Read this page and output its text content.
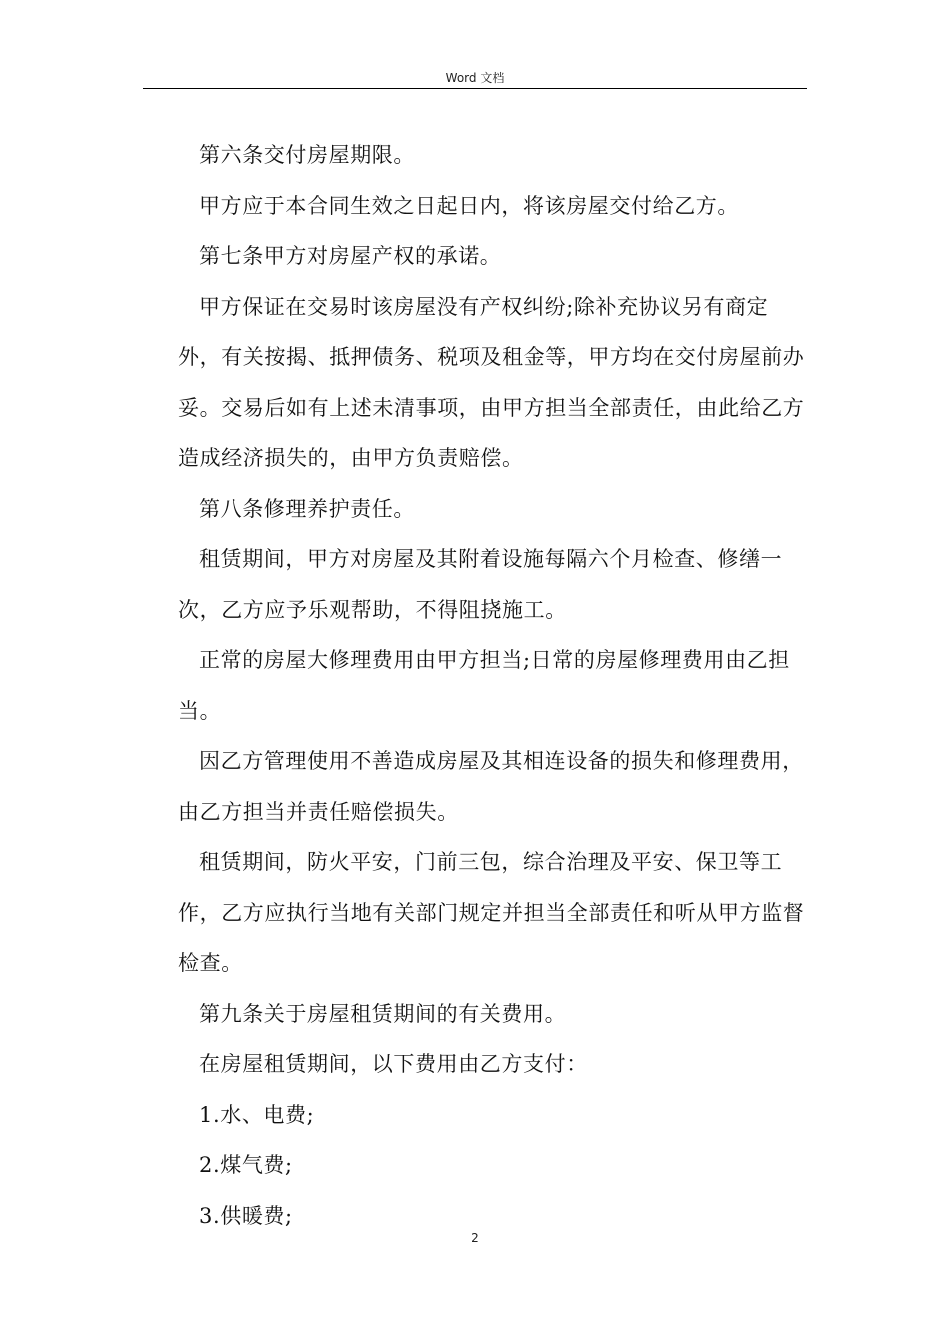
Word 文档

第六条交付房屋期限。

甲方应于本合同生效之日起日内，将该房屋交付给乙方。

第七条甲方对房屋产权的承诺。

甲方保证在交易时该房屋没有产权纠纷;除补充协议另有商定外，有关按揭、抵押债务、税项及租金等，甲方均在交付房屋前办妥。交易后如有上述未清事项，由甲方担当全部责任，由此给乙方造成经济损失的，由甲方负责赔偿。

第八条修理养护责任。

租赁期间，甲方对房屋及其附着设施每隔六个月检查、修缮一次，乙方应予乐观帮助，不得阻挠施工。

正常的房屋大修理费用由甲方担当;日常的房屋修理费用由乙担当。

因乙方管理使用不善造成房屋及其相连设备的损失和修理费用，由乙方担当并责任赔偿损失。

租赁期间，防火平安，门前三包，综合治理及平安、保卫等工作，乙方应执行当地有关部门规定并担当全部责任和听从甲方监督检查。

第九条关于房屋租赁期间的有关费用。

在房屋租赁期间，以下费用由乙方支付：

1.水、电费;

2.煤气费;

3.供暖费;

2
